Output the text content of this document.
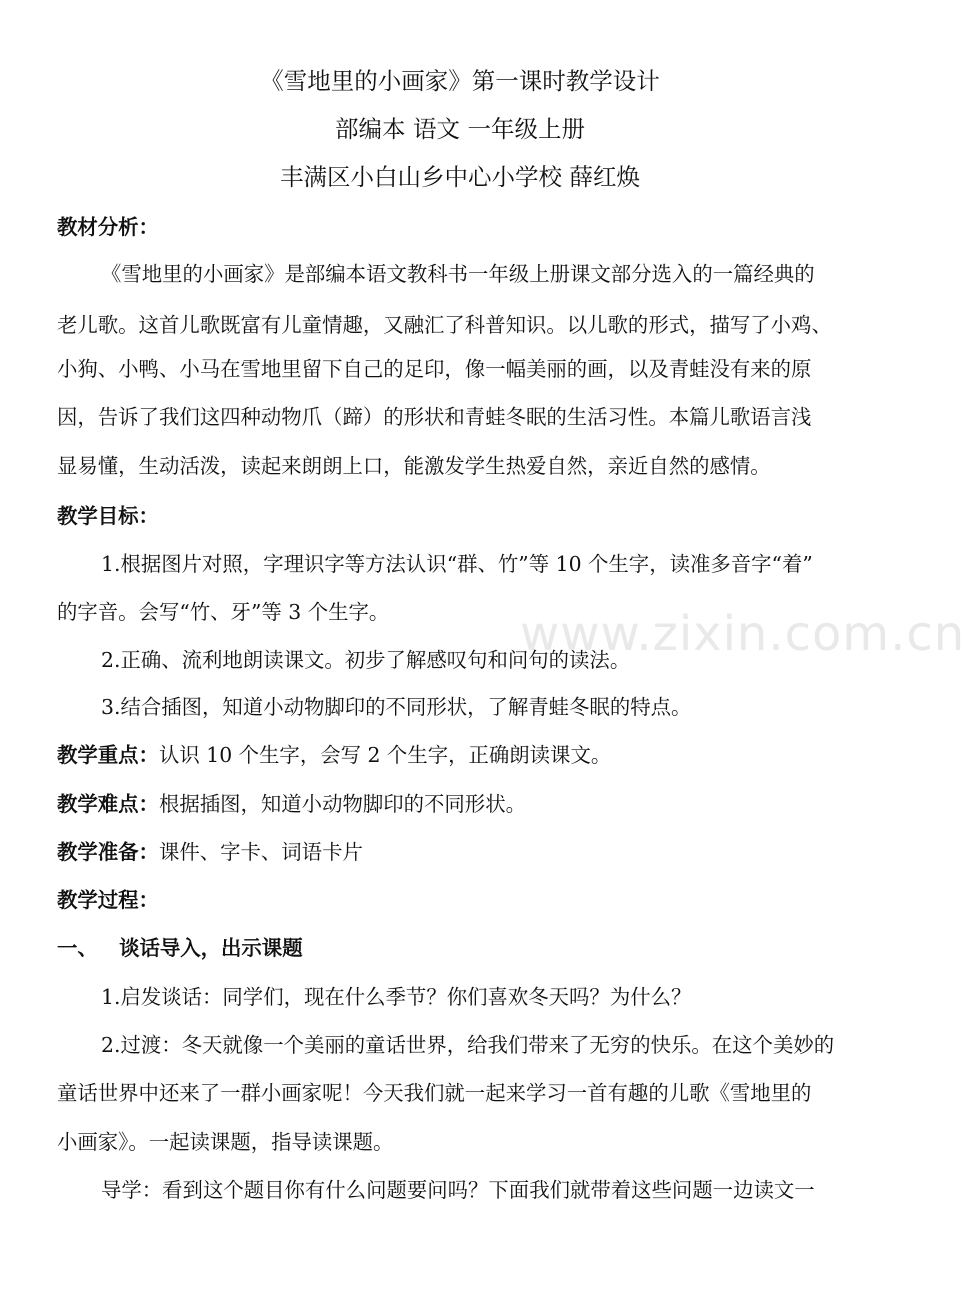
《雪地里的小画家》第一课时教学设计
部编本 语文 一年级上册
丰满区小白山乡中心小学校 薛红焕
教材分析：
《雪地里的小画家》是部编本语文教科书一年级上册课文部分选入的一篇经典的
老儿歌。这首儿歌既富有儿童情趣，又融汇了科普知识。以儿歌的形式，描写了小鸡、
小狗、小鸭、小马在雪地里留下自己的足印，像一幅美丽的画，以及青蛙没有来的原
因，告诉了我们这四种动物爪（蹄）的形状和青蛙冬眠的生活习性。本篇儿歌语言浅
显易懂，生动活泼，读起来朗朗上口，能激发学生热爱自然，亲近自然的感情。
教学目标：
1.根据图片对照，字理识字等方法认识“群、竹”等 10 个生字，读准多音字“着”
的字音。会写“竹、牙”等 3 个生字。
2.正确、流利地朗读课文。初步了解感叹句和问句的读法。
3.结合插图，知道小动物脚印的不同形状，了解青蛙冬眠的特点。
教学重点：认识 10 个生字，会写 2 个生字，正确朗读课文。
教学难点：根据插图，知道小动物脚印的不同形状。
教学准备：课件、字卡、词语卡片
教学过程：
一、   谈话导入，出示课题
1.启发谈话：同学们，现在什么季节？你们喜欢冬天吗？为什么？
2.过渡：冬天就像一个美丽的童话世界，给我们带来了无穷的快乐。在这个美妙的
童话世界中还来了一群小画家呢！今天我们就一起来学习一首有趣的儿歌《雪地里的
小画家》。一起读课题，指导读课题。
导学：看到这个题目你有什么问题要问吗？下面我们就带着这些问题一边读文一
www.zixin.com.cn
